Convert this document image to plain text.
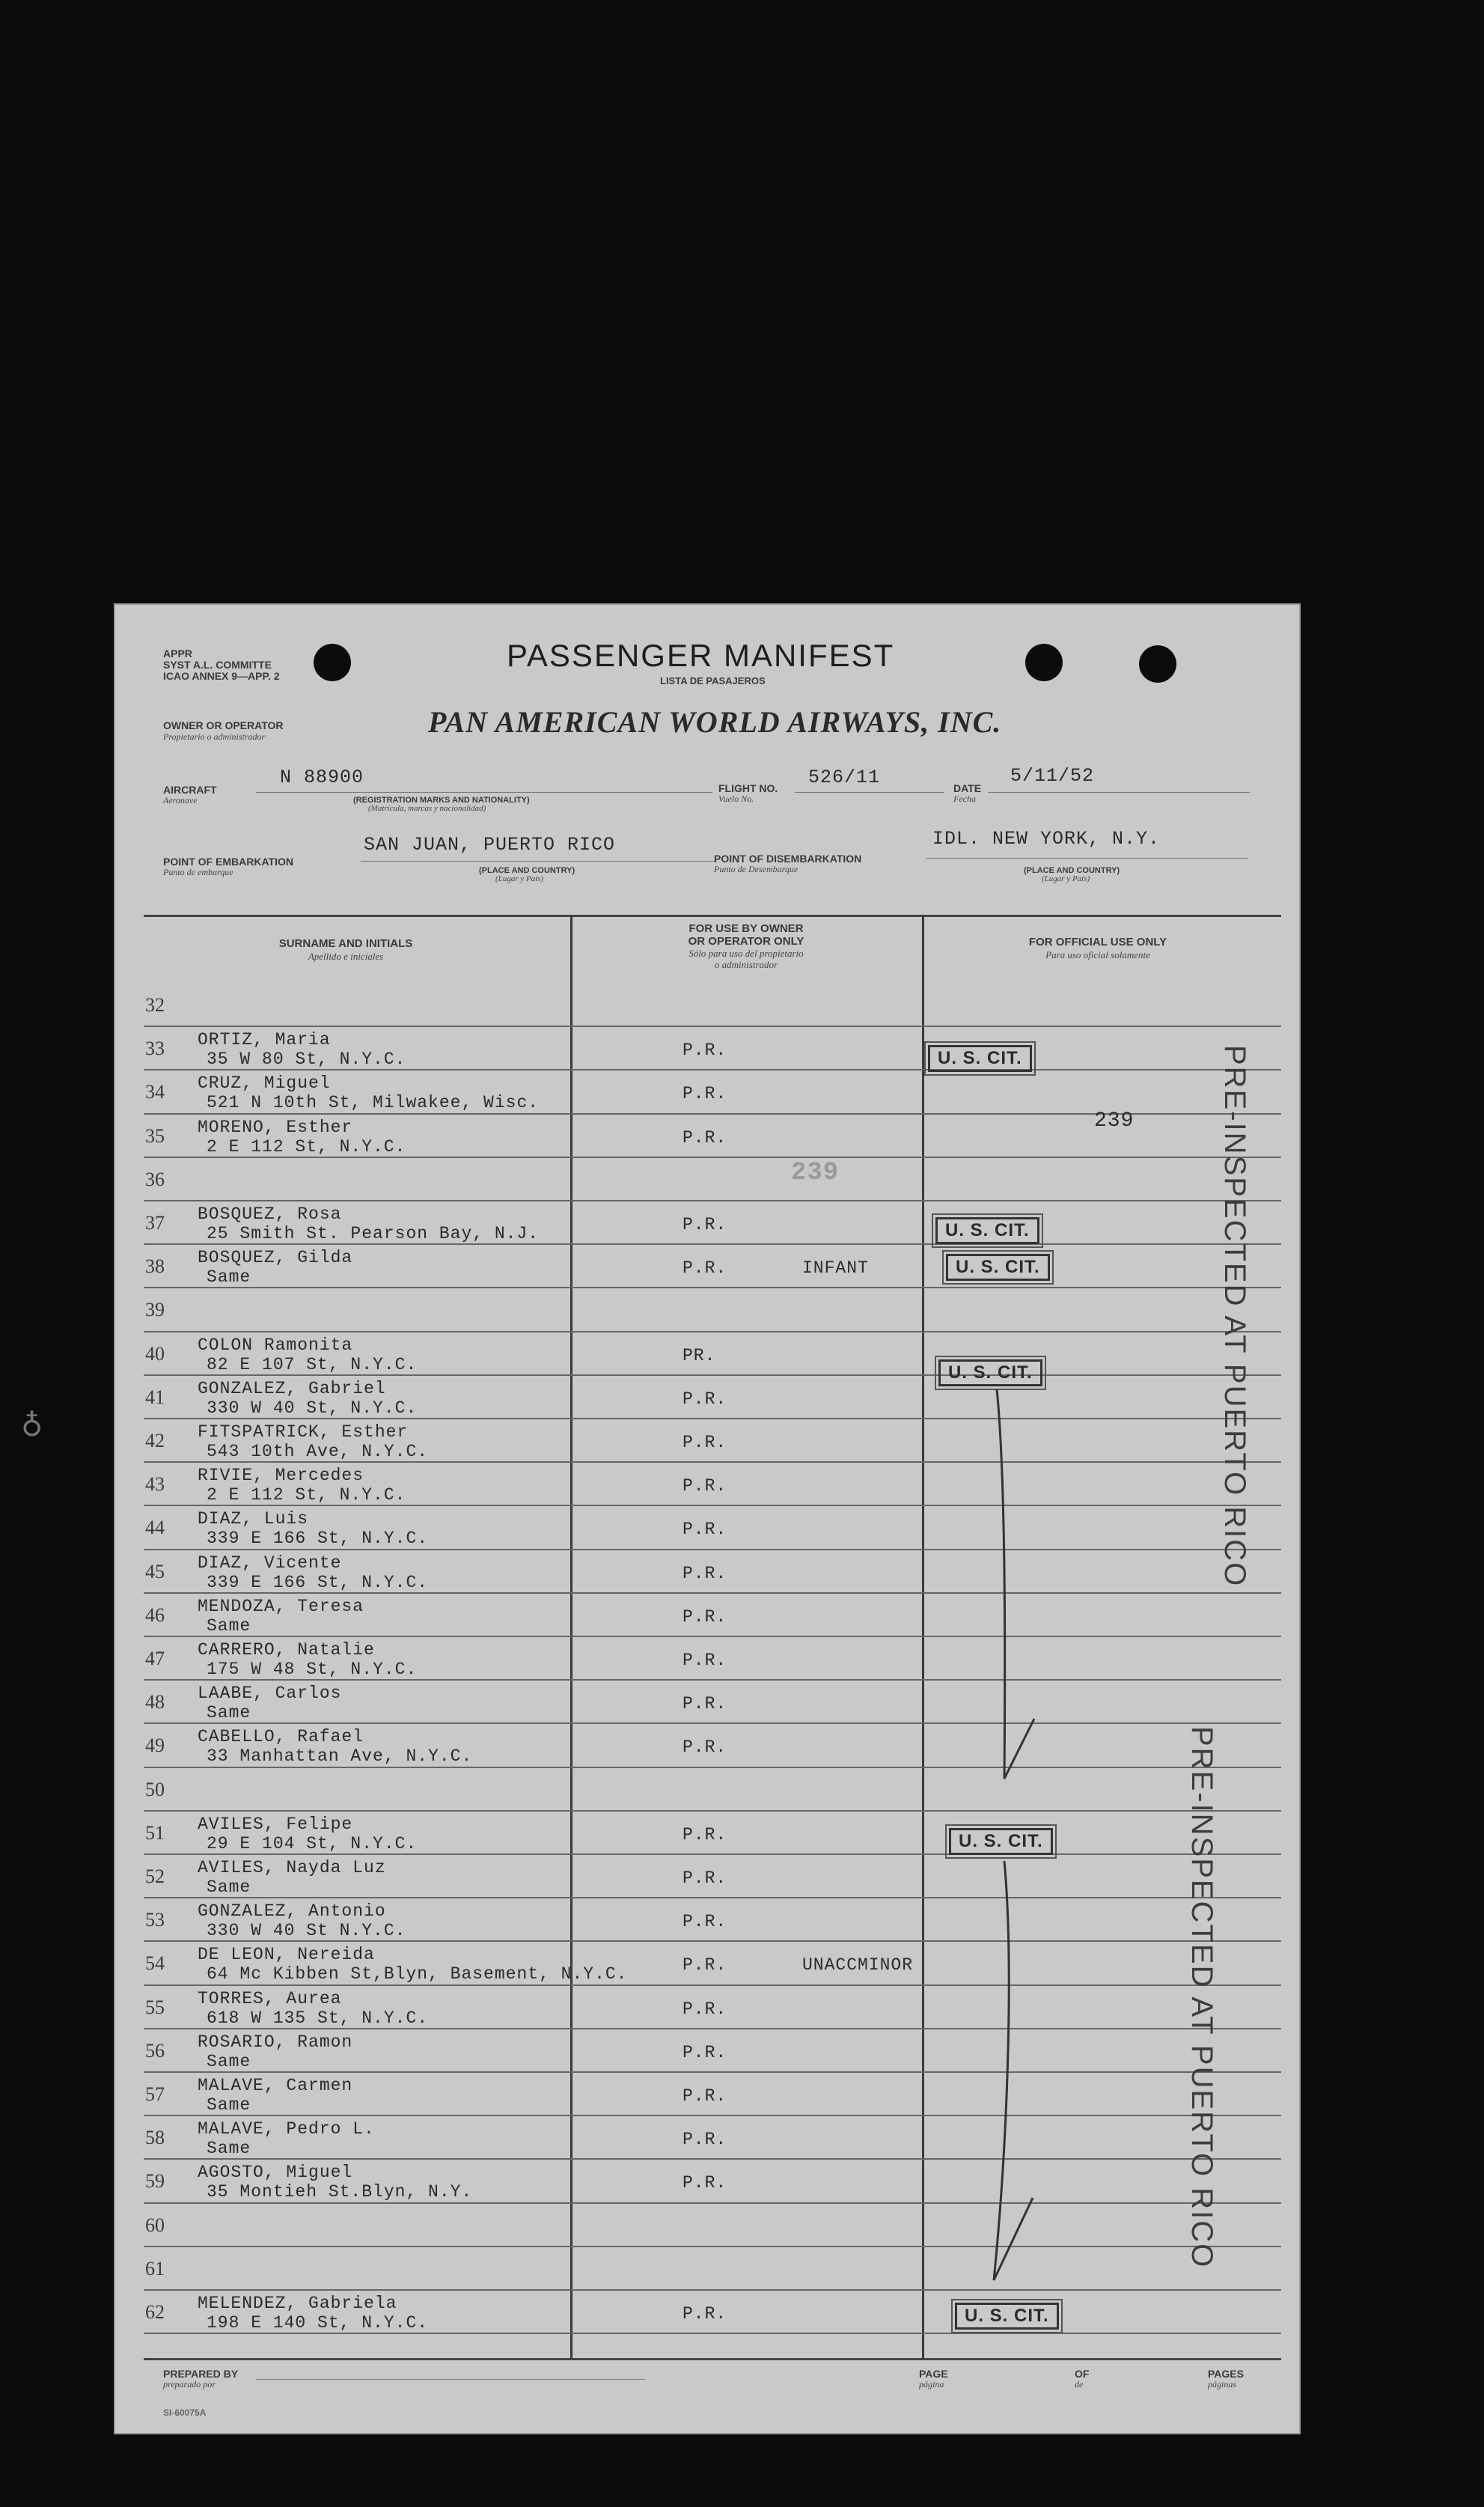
APPR
SYST A.L. COMMITTE
ICAO ANNEX 9—APP. 2
PASSENGER MANIFEST
LISTA DE PASAJEROS
OWNER OR OPERATOR
Propietario o administrador	PAN AMERICAN WORLD AIRWAYS, INC.
AIRCRAFT
Aeronave
N 88900
(REGISTRATION MARKS AND NATIONALITY)
(Matrícula, marcas y nacionalidad)
FLIGHT NO.
Vuelo No.
526/11	DATE
Fecha
5/11/52
POINT OF EMBARKATION
Punto de embarque
SAN JUAN, PUERTO RICO
(PLACE AND COUNTRY)
(Lugar y País)
POINT OF DISEMBARKATION
Punto de Desembarque
IDL. NEW YORK, N.Y.
(PLACE AND COUNTRY)
(Lugar y País)
SURNAME AND INITIALS
Apellido e iniciales
FOR USE BY OWNER
OR OPERATOR ONLY
Sólo para uso del propietario
o administrador
FOR OFFICIAL USE ONLY
Para uso oficial solamente
32
33 ORTIZ, Maria
35 W 80 St, N.Y.C.	P.R.
34 CRUZ, Miguel
521 N 10th St, Milwakee, Wisc.	P.R.
35 MORENO, Esther
2 E 112 St, N.Y.C.	P.R.
36
37 BOSQUEZ, Rosa
25 Smith St. Pearson Bay, N.J.	P.R.
38 BOSQUEZ, Gilda
Same	P.R.	INFANT
39
40 COLON Ramonita
82 E 107 St, N.Y.C.	PR.
41 GONZALEZ, Gabriel
330 W 40 St, N.Y.C.	P.R.
42 FITSPATRICK, Esther
543 10th Ave, N.Y.C.	P.R.
43 RIVIE, Mercedes
2 E 112 St, N.Y.C.	P.R.
44 DIAZ, Luis
339 E 166 St, N.Y.C.	P.R.
45 DIAZ, Vicente
339 E 166 St, N.Y.C.	P.R.
46 MENDOZA, Teresa
Same	P.R.
47 CARRERO, Natalie
175 W 48 St, N.Y.C.	P.R.
48 LAABE, Carlos
Same	P.R.
49 CABELLO, Rafael
33 Manhattan Ave, N.Y.C.	P.R.
50
51 AVILES, Felipe
29 E 104 St, N.Y.C.	P.R.
52 AVILES, Nayda Luz
Same	P.R.
53 GONZALEZ, Antonio
330 W 40 St N.Y.C.	P.R.
54 DE LEON, Nereida
64 Mc Kibben St,Blyn, Basement, N.Y.C.	P.R.	UNACCMINOR
55 TORRES, Aurea
618 W 135 St, N.Y.C.	P.R.
56 ROSARIO, Ramon
Same	P.R.
57 MALAVE, Carmen
Same	P.R.
58 MALAVE, Pedro L.
Same	P.R.
59 AGOSTO, Miguel
35 Montieh St.Blyn, N.Y.	P.R.
60
61
62 MELENDEZ, Gabriela
198 E 140 St, N.Y.C.	P.R.
239
239
U. S. CIT.
U. S. CIT.
U. S. CIT.
U. S. CIT.
U. S. CIT.
U. S. CIT.
PRE-INSPECTED AT PUERTO RICO
PRE-INSPECTED AT PUERTO RICO
PREPARED BY
preparado por
PAGE
página
OF
de
PAGES
páginas
SI-60075A
♁
